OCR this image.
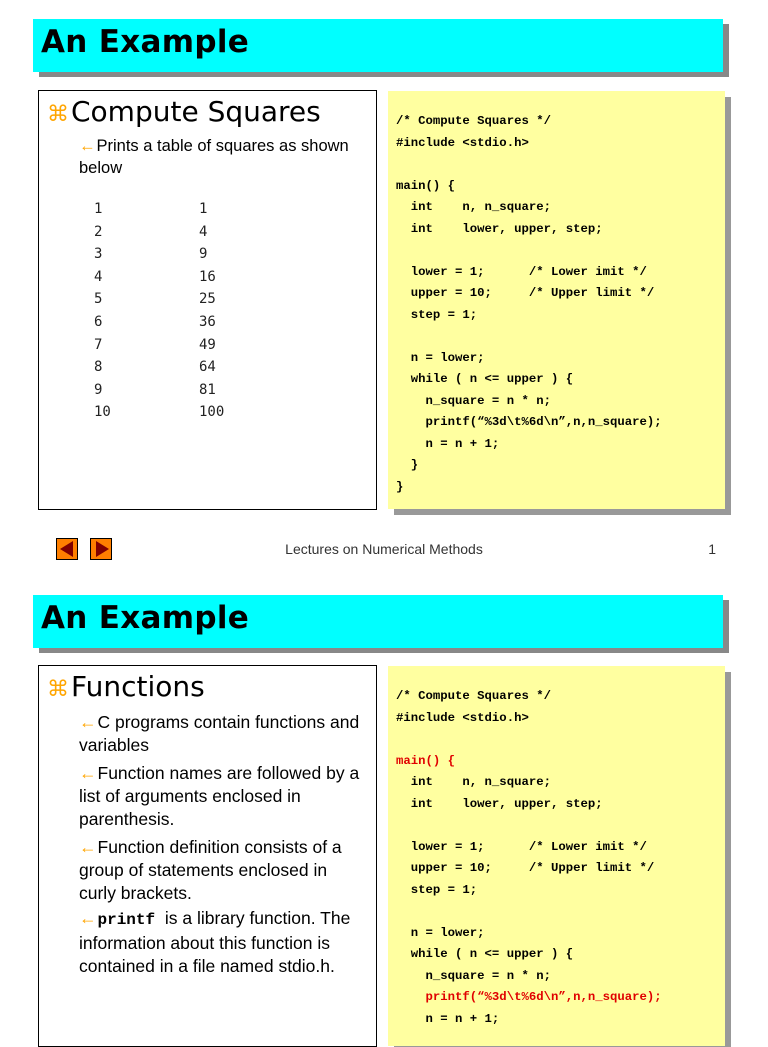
An Example
⌘Compute Squares
←Prints a table of squares as shown below
1	1
2	4
3	9
4	16
5	25
6	36
7	49
8	64
9	81
10	100
/* Compute Squares */
#include <stdio.h>

main() {
int    n, n_square;
int    lower, upper, step;

lower = 1;      /* Lower imit */
upper = 10;     /* Upper limit */
step = 1;

n = lower;
while ( n <= upper ) {
n_square = n * n;
printf(“%3d\t%6d\n”,n,n_square);
n = n + 1;
}
}
Lectures on Numerical Methods	1
An Example
⌘Functions
←C programs contain functions and variables
←Function names are followed by a list of arguments enclosed in parenthesis.
←Function definition consists of a group of statements enclosed in curly brackets.
←printf is a library function. The information about this function is contained in a file named stdio.h.
/* Compute Squares */
#include <stdio.h>

main() {
int    n, n_square;
int    lower, upper, step;

lower = 1;      /* Lower imit */
upper = 10;     /* Upper limit */
step = 1;

n = lower;
while ( n <= upper ) {
n_square = n * n;
printf(“%3d\t%6d\n”,n,n_square);
n = n + 1;
